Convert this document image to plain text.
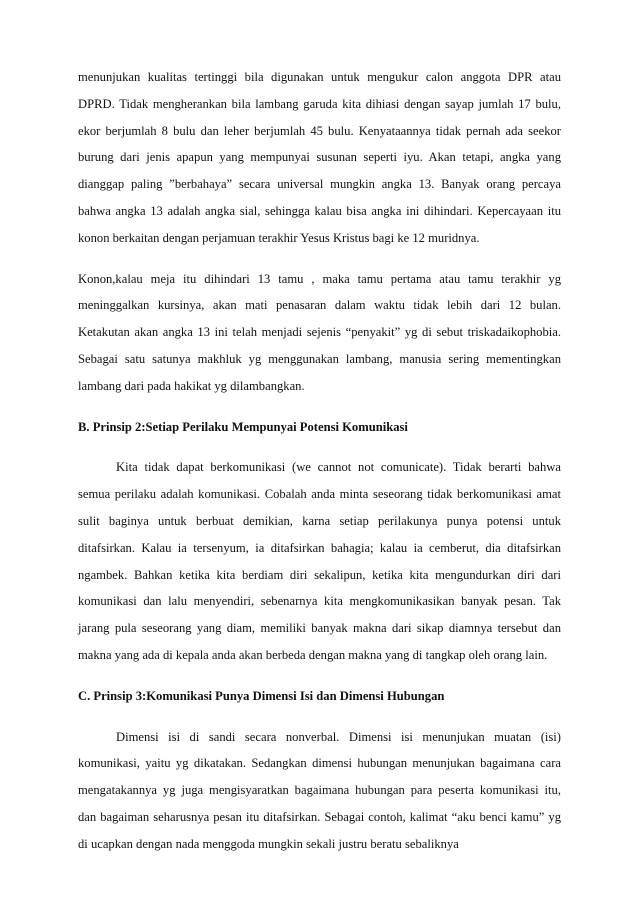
menunjukan kualitas tertinggi bila digunakan untuk mengukur calon anggota DPR atau
DPRD. Tidak mengherankan bila lambang garuda kita dihiasi dengan sayap jumlah 17 bulu,
ekor berjumlah 8 bulu dan leher berjumlah 45 bulu. Kenyataannya tidak pernah ada seekor
burung dari jenis apapun yang mempunyai susunan seperti iyu. Akan tetapi, angka yang
dianggap paling ”berbahaya” secara universal mungkin angka 13. Banyak orang percaya
bahwa angka 13 adalah angka sial, sehingga kalau bisa angka ini dihindari. Kepercayaan itu
konon berkaitan dengan perjamuan terakhir Yesus Kristus bagi ke 12 muridnya.

Konon,kalau meja itu dihindari 13 tamu , maka tamu pertama atau tamu terakhir yg
meninggalkan kursinya, akan mati penasaran dalam waktu tidak lebih dari 12 bulan.
Ketakutan akan angka 13 ini telah menjadi sejenis “penyakit” yg di sebut triskadaikophobia.
Sebagai satu satunya makhluk yg menggunakan lambang, manusia sering mementingkan
lambang dari pada hakikat yg dilambangkan.

B. Prinsip 2:Setiap Perilaku Mempunyai Potensi Komunikasi

Kita tidak dapat berkomunikasi (we cannot not comunicate). Tidak berarti bahwa
semua perilaku adalah komunikasi. Cobalah anda minta seseorang tidak berkomunikasi amat
sulit baginya untuk berbuat demikian, karna setiap perilakunya punya potensi untuk
ditafsirkan. Kalau ia tersenyum, ia ditafsirkan bahagia; kalau ia cemberut, dia ditafsirkan
ngambek. Bahkan ketika kita berdiam diri sekalipun, ketika kita mengundurkan diri dari
komunikasi dan lalu menyendiri, sebenarnya kita mengkomunikasikan banyak pesan. Tak
jarang pula seseorang yang diam, memiliki banyak makna dari sikap diamnya tersebut dan
makna yang ada di kepala anda akan berbeda dengan makna yang di tangkap oleh orang lain.

C. Prinsip 3:Komunikasi Punya Dimensi Isi dan Dimensi Hubungan

Dimensi isi di sandi secara nonverbal. Dimensi isi menunjukan muatan (isi)
komunikasi, yaitu yg dikatakan. Sedangkan dimensi hubungan menunjukan bagaimana cara
mengatakannya yg juga mengisyaratkan bagaimana hubungan para peserta komunikasi itu,
dan bagaiman seharusnya pesan itu ditafsirkan. Sebagai contoh, kalimat “aku benci kamu” yg
di ucapkan dengan nada menggoda mungkin sekali justru beratu sebaliknya
